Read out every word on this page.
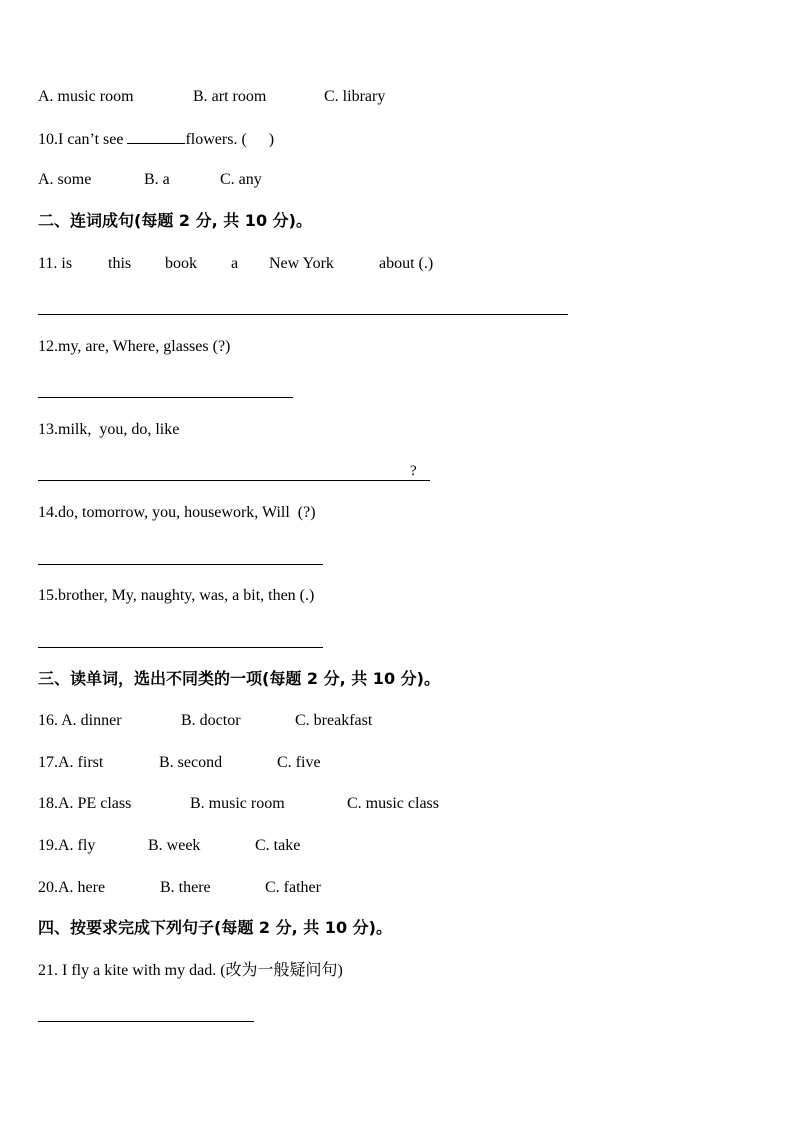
A. music room	B. art room	C. library
10.I can’t see	flowers. ( )
A. some	B. a	C. any
二、连词成句(每题 2 分, 共 10 分)。
11. is this book a New York	about (.)
12.my, are, Where, glasses (?)
13.milk,  you, do, like
?
14.do, tomorrow, you, housework, Will  (?)
15.brother, My, naughty, was, a bit, then (.)
三、读单词，选出不同类的一项(每题 2 分, 共 10 分)。
16. A. dinner	B. doctor	C. breakfast
17.A. first	B. second	C. five
18.A. PE class	B. music room	C. music class
19.A. fly	B. week	C. take
20.A. here	B. there	C. father
四、按要求完成下列句子(每题 2 分, 共 10 分)。
21. I fly a kite with my dad. (改为一般疑问句)
